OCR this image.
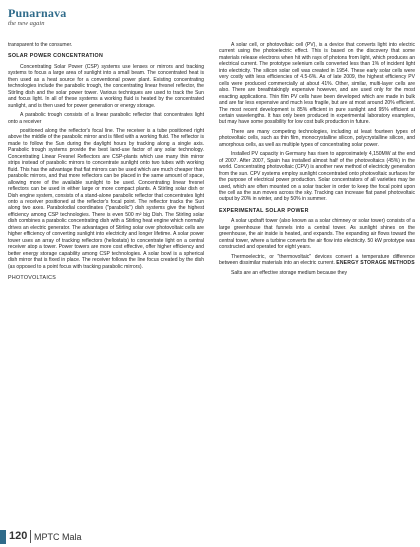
Punarnava
the new again

transparent to the consumer.

SOLAR POWER CONCENTRATION

Concentrating Solar Power (CSP) systems use lenses or mirrors and tracking systems to focus a large area of sunlight into a small beam. The concentrated heat is then used as a heat source for a conventional power plant. Existing concentrating technologies include the parabolic trough, the concentrating linear fresnel reflector, the Stirling dish and the solar power tower. Various techniques are used to track the Sun and focus light. In all of these systems a working fluid is heated by the concentrated sunlight, and is then used for power generation or energy storage.

A parabolic trough consists of a linear parabolic reflector that concentrates light onto a receiver

positioned along the reflector's focal line. The receiver is a tube positioned right above the middle of the parabolic mirror and is filled with a working fluid. The reflector is made to follow the Sun during the daylight hours by tracking along a single axis. Parabolic trough systems provide the best land-use factor of any solar technology. Concentrating Linear Fresnel Reflectors are CSP-plants which use many thin mirror strips instead of parabolic mirrors to concentrate sunlight onto two tubes with working fluid. This has the advantage that flat mirrors can be used which are much cheaper than parabolic mirrors, and that more reflectors can be placed in the same amount of space, allowing more of the available sunlight to be used. Concentrating linear fresnel reflectors can be used in either large or more compact plants. A Stirling solar dish or Dish engine system, consists of a stand-alone parabolic reflector that concentrates light onto a receiver positioned at the reflector's focal point. The reflector tracks the Sun along two axes. Parabolodial coordinates ("parabolic") dish systems give the highest efficiency among CSP technologies. There is even 500 m² big Dish. The Stirling solar dish combines a parabolic concentrating dish with a Stirling heat engine which normally drives an electric generator. The advantages of Stirling solar over photovoltaic cells are higher efficiency of converting sunlight into electricity and longer lifetime. A solar power tower uses an array of tracking reflectors (heliostats) to concentrate light on a central receiver atop a tower. Power towers are more cost effective, offer higher efficiency and better energy storage capability among CSP technologies. A solar bowl is a spherical dish mirror that is fixed in place. The receiver follows the line focus created by the dish (as opposed to a point focus with tracking parabolic mirrors).

PHOTOVOLTAICS

A solar cell, or photovoltaic cell (PV), is a device that converts light into electric current using the photoelectric effect. This is based on the discovery that some materials release electrons when hit with rays of photons from light, which produces an electrical current. The prototype selenium cells converted less than 1% of incident light into electricity. The silicon solar cell was created in 1954. These early solar cells were very costly with less efficiencies of 4.5-6%. As of late 2009, the highest efficiency PV cells were produced commercially at about 41%. Other, similar, multi-layer cells are also. There are breathtakingly expensive however, and are used only for the most exacting applications. Thin film PV cells have been developed which are made in bulk and are far less expensive and much less fragile, but are at most around 20% efficient. The most recent development is 85% efficient in pure sunlight and 95% efficient at certain wavelengths. It has only been produced in experimental laboratory examples, but may have some possibility for low cost bulk production in future.

There are many competing technologies, including at least fourteen types of photovoltaic cells, such as thin film, monocrystalline silicon, polycrystalline silicon, and amorphous cells, as well as multiple types of concentrating solar power.

Installed PV capacity in Germany has risen to approximately 4,150MW at the end of 2007. After 2007, Spain has installed almost half of the photovoltaics (45%) in the world. Concentrating photovoltaic (CPV) is another new method of electricity generation from the sun. CPV systems employ sunlight concentrated onto photovoltaic surfaces for the purpose of electrical power production. Solar concentrators of all varieties may be used, which are often mounted on a solar tracker in order to keep the focal point upon the cell as the sun moves across the sky. Tracking can increase flat panel photovoltaic output by 20% in winter, and by 50% in summer.

EXPERIMENTAL SOLAR POWER

A solar updraft tower (also known as a solar chimney or solar tower) consists of a large greenhouse that funnels into a central tower. As sunlight shines on the greenhouse, the air inside is heated, and expands. The expanding air flows toward the central tower, where a turbine converts the air flow into electricity. 50 kW prototype was constructed and operated for eight years.

Thermoelectric, or "thermovoltaic" devices convert a temperature difference between dissimilar materials into an electric current. ENERGY STORAGE METHODS

Salts are an effective storage medium because they

120 MPTC Mala
